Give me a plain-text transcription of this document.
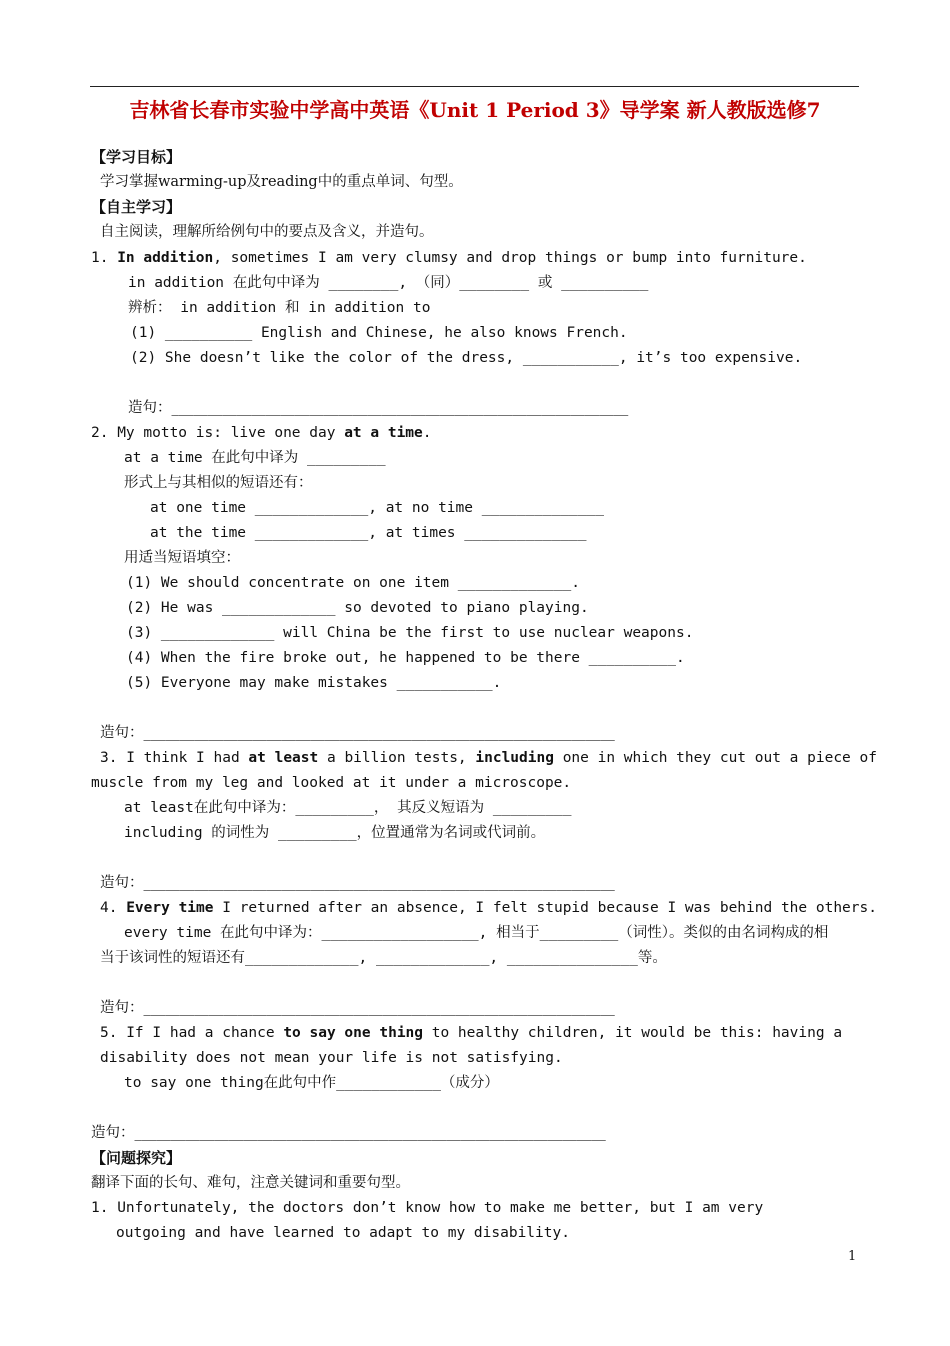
吉林省长春市实验中学高中英语《Unit 1 Period 3》导学案 新人教版选修7
【学习目标】
学习掌握warming-up及reading中的重点单词、句型。
【自主学习】
自主阅读，理解所给例句中的要点及含义，并造句。
1. In addition, sometimes I am very clumsy and drop things or bump into furniture.
in addition 在此句中译为 ________, （同）________ 或 __________
辨析： in addition 和 in addition to
(1) __________ English and Chinese, he also knows French.
(2) She doesn’t like the color of the dress, ___________, it’s too expensive.
造句：_______________________________________________________________
2. My motto is: live one day at a time.
at a time 在此句中译为 _________
形式上与其相似的短语还有：
at one time _____________, at no time ______________
at the time _____________, at times ______________
用适当短语填空：
(1) We should concentrate on one item _____________.
(2) He was _____________ so devoted to piano playing.
(3) _____________ will China be the first to use nuclear weapons.
(4) When the fire broke out, he happened to be there __________.
(5) Everyone may make mistakes ___________.
造句：_________________________________________________________________
3. I think I had at least a billion tests, including one in which they cut out a piece of
muscle from my leg and looked at it under a microscope.
at least在此句中译为：_________， 其反义短语为 _________
including 的词性为 _________，位置通常为名词或代词前。
造句：_________________________________________________________________
4. Every time I returned after an absence, I felt stupid because I was behind the others.
every time 在此句中译为：__________________, 相当于_________（词性）。类似的由名词构成的相
当于该词性的短语还有_____________, _____________, _______________等。
造句：_________________________________________________________________
5. If I had a chance to say one thing to healthy children, it would be this: having a
disability does not mean your life is not satisfying.
to say one thing在此句中作____________（成分）
造句：_________________________________________________________________
【问题探究】
翻译下面的长句、难句，注意关键词和重要句型。
1. Unfortunately, the doctors don’t know how to make me better, but I am very
outgoing and have learned to adapt to my disability.
1
